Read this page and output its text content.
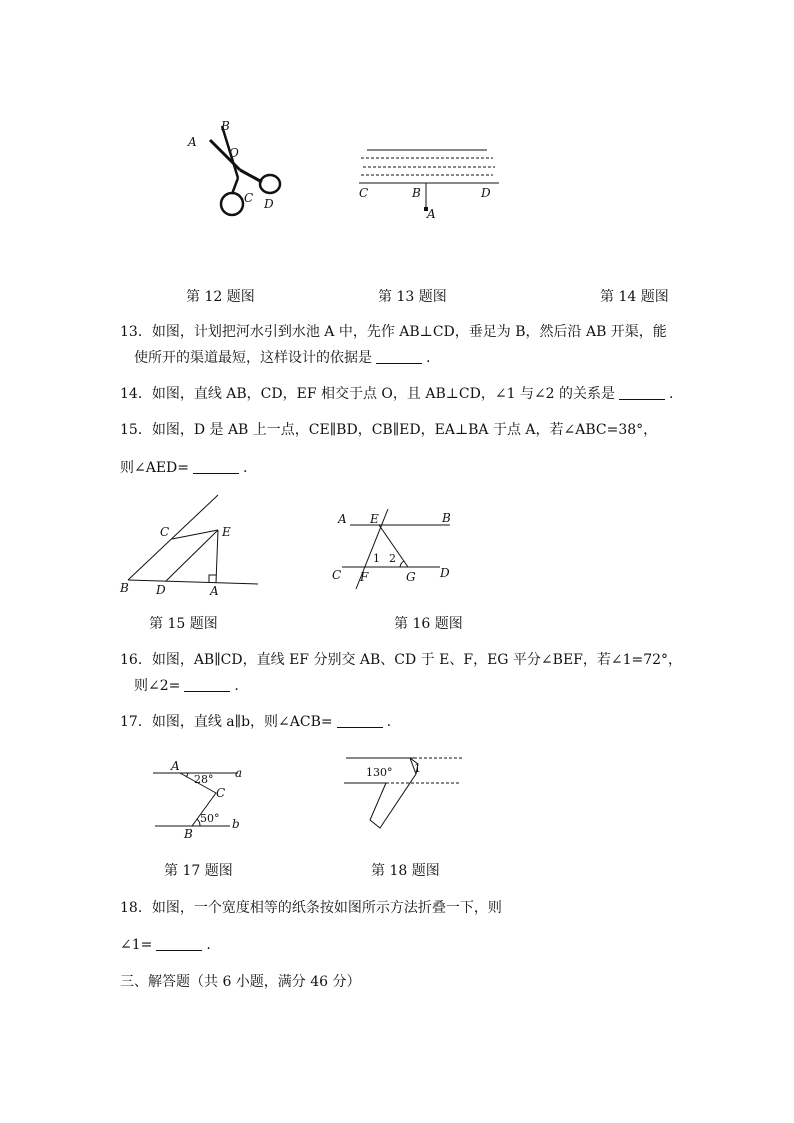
A
B
O
C D
C	B	D
A
第 12 题图	第 13 题图	第 14 题图
13．如图，计划把河水引到水池 A 中，先作 AB⊥CD，垂足为 B，然后沿 AB 开渠，能
使所开的渠道最短，这样设计的依据是	.
14．如图，直线 AB，CD，EF 相交于点 O，且 AB⊥CD，∠1 与∠2 的关系是	.
15．如图，D 是 AB 上一点，CE∥BD，CB∥ED，EA⊥BA 于点 A，若∠ABC=38°，
则∠AED=	.
C	E
B D	A
A E	B
1 2
C F	G D
第 15 题图	第 16 题图
16．如图，AB∥CD，直线 EF 分别交 AB、CD 于 E、F，EG 平分∠BEF，若∠1=72°，
则∠2=	.
17．如图，直线 a∥b，则∠ACB=	.
A	a
28°
C
50°
B
b
130° 1
第 17 题图	第 18 题图
18．如图，一个宽度相等的纸条按如图所示方法折叠一下，则
∠1=	.
三、解答题（共 6 小题，满分 46 分）
